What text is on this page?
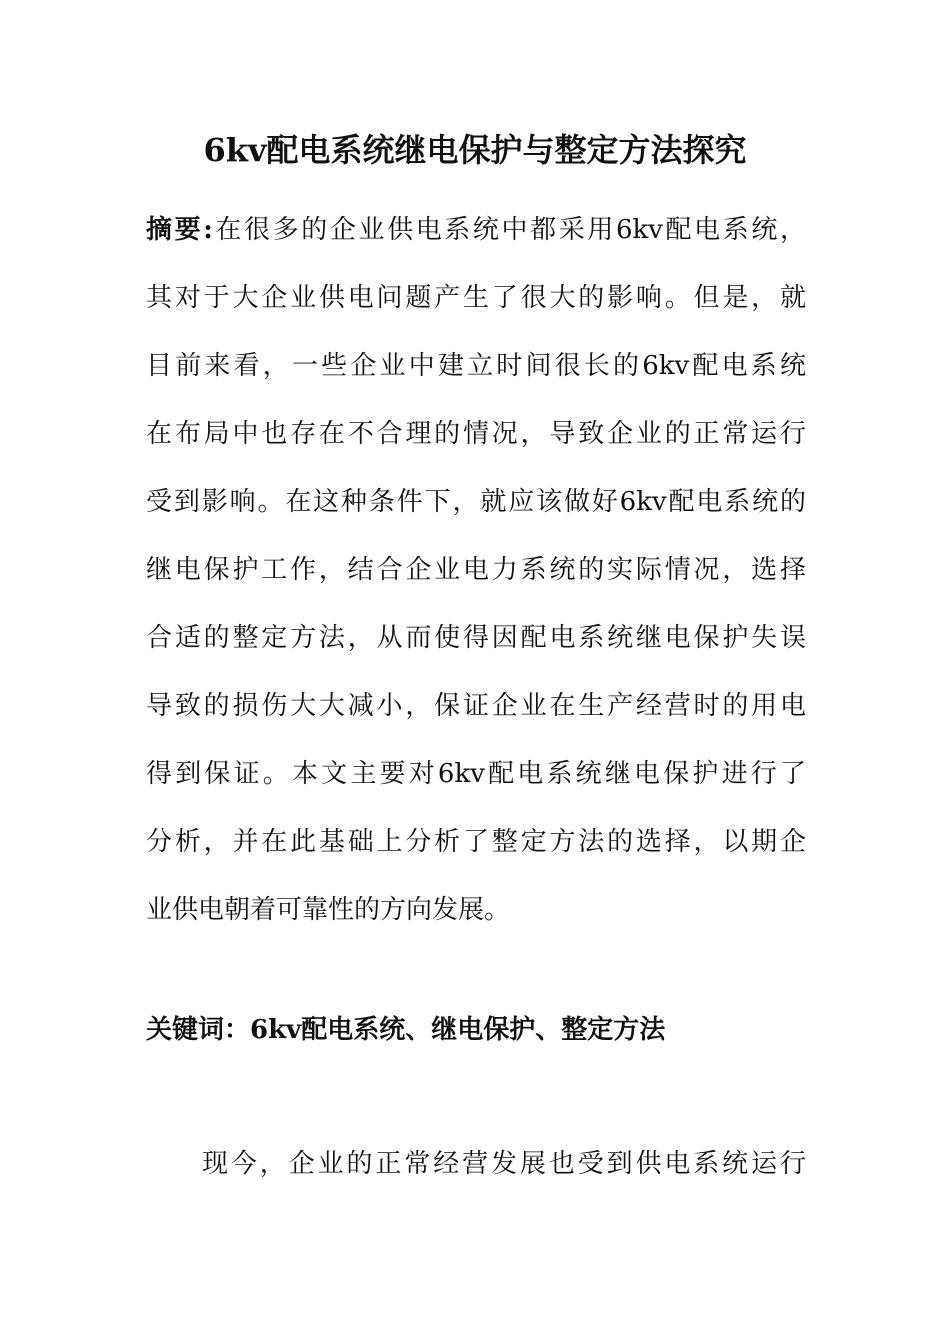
6kv配电系统继电保护与整定方法探究
摘要:在很多的企业供电系统中都采用6kv配电系统，
其对于大企业供电问题产生了很大的影响。但是，就
目前来看，一些企业中建立时间很长的6kv配电系统
在布局中也存在不合理的情况，导致企业的正常运行
受到影响。在这种条件下，就应该做好6kv配电系统的
继电保护工作，结合企业电力系统的实际情况，选择
合适的整定方法，从而使得因配电系统继电保护失误
导致的损伤大大减小，保证企业在生产经营时的用电
得到保证。本文主要对6kv配电系统继电保护进行了
分析，并在此基础上分析了整定方法的选择，以期企
业供电朝着可靠性的方向发展。
关键词：6kv配电系统、继电保护、整定方法
现今，企业的正常经营发展也受到供电系统运行
